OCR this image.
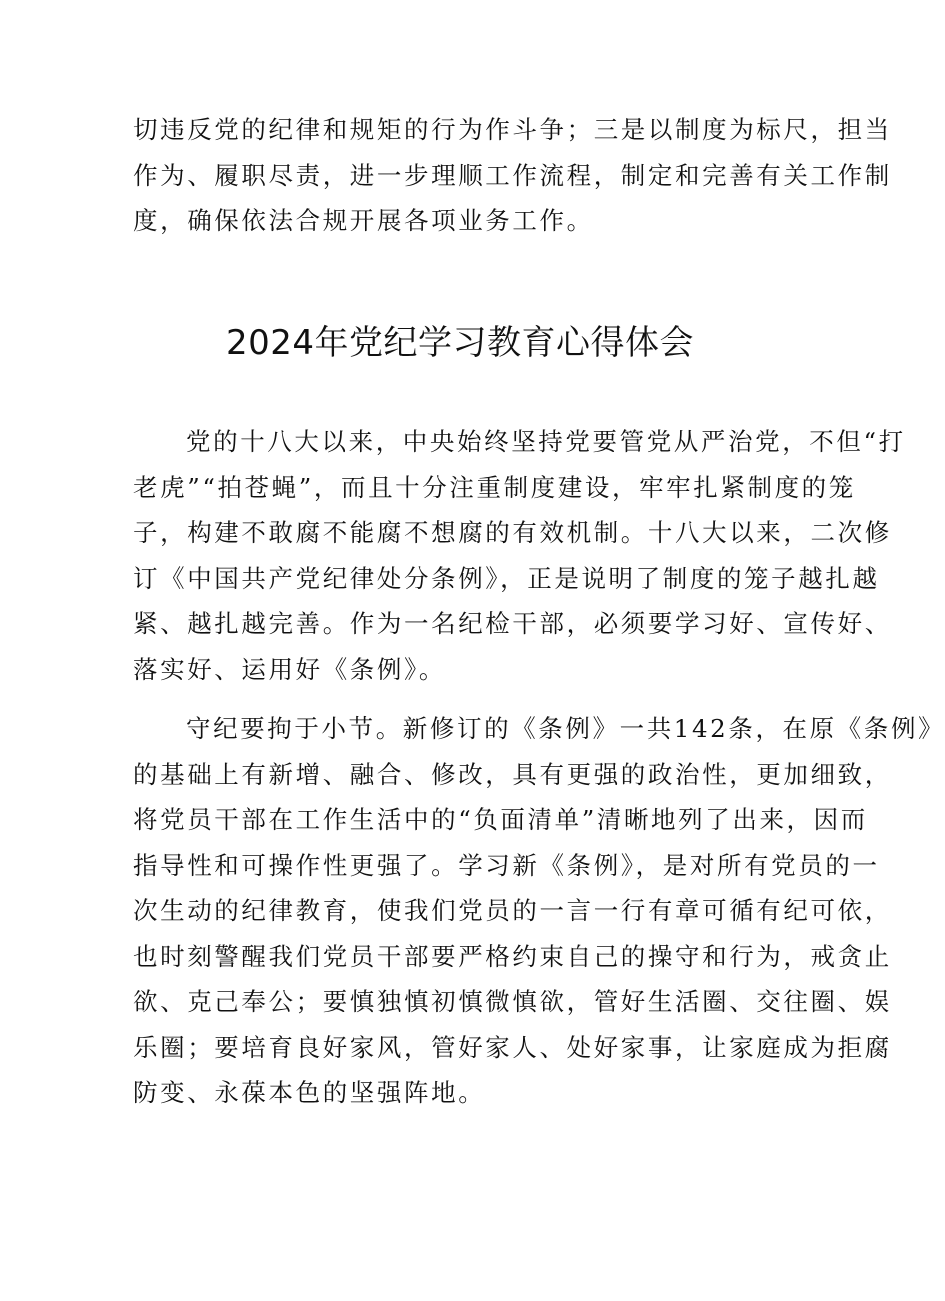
切违反党的纪律和规矩的行为作斗争；三是以制度为标尺，担当
作为、履职尽责，进一步理顺工作流程，制定和完善有关工作制
度，确保依法合规开展各项业务工作。
2024年党纪学习教育心得体会
党的十八大以来，中央始终坚持党要管党从严治党，不但“打
老虎”“拍苍蝇”，而且十分注重制度建设，牢牢扎紧制度的笼
子，构建不敢腐不能腐不想腐的有效机制。十八大以来，二次修
订《中国共产党纪律处分条例》，正是说明了制度的笼子越扎越
紧、越扎越完善。作为一名纪检干部，必须要学习好、宣传好、
落实好、运用好《条例》。
守纪要拘于小节。新修订的《条例》一共142条，在原《条例》
的基础上有新增、融合、修改，具有更强的政治性，更加细致，
将党员干部在工作生活中的“负面清单”清晰地列了出来，因而
指导性和可操作性更强了。学习新《条例》，是对所有党员的一
次生动的纪律教育，使我们党员的一言一行有章可循有纪可依，
也时刻警醒我们党员干部要严格约束自己的操守和行为，戒贪止
欲、克己奉公；要慎独慎初慎微慎欲，管好生活圈、交往圈、娱
乐圈；要培育良好家风，管好家人、处好家事，让家庭成为拒腐
防变、永葆本色的坚强阵地。
